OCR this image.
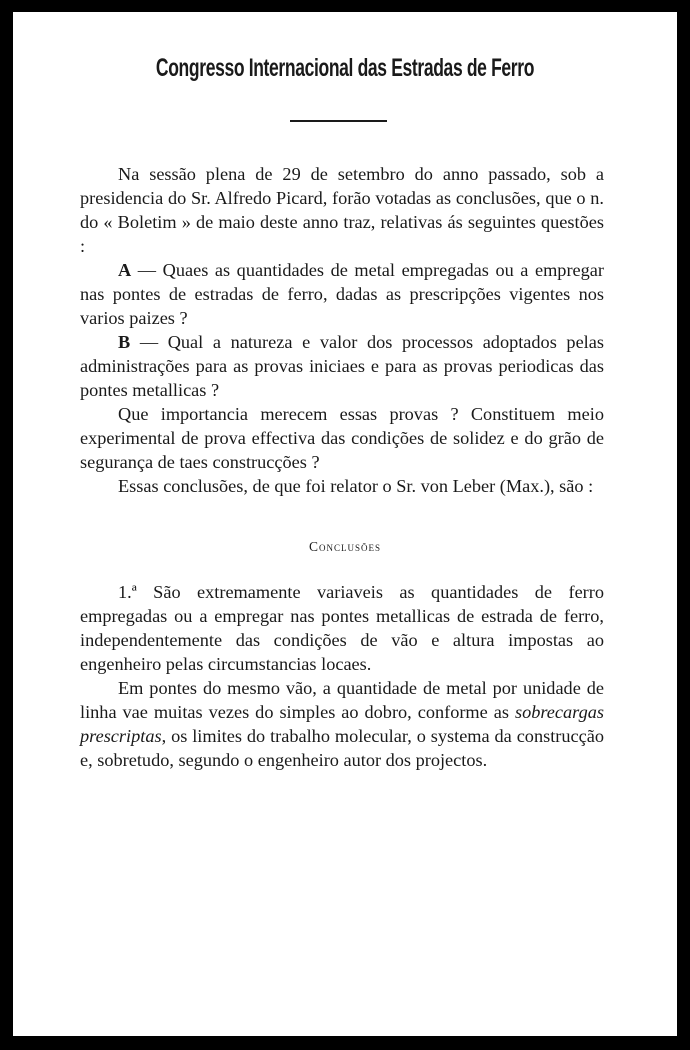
Congresso Internacional das Estradas de Ferro

Na sessão plena de 29 de setembro do anno passado, sob a presidencia do Sr. Alfredo Picard, forão votadas as conclusões, que o n. do « Boletim » de maio deste anno traz, relativas ás seguintes questões :

A — Quaes as quantidades de metal empregadas ou a empregar nas pontes de estradas de ferro, dadas as prescripções vigentes nos varios paizes ?

B — Qual a natureza e valor dos processos adoptados pelas administrações para as provas iniciaes e para as provas periodicas das pontes metallicas ?

Que importancia merecem essas provas ? Constituem meio experimental de prova effectiva das condições de solidez e do grão de segurança de taes construcções ?

Essas conclusões, de que foi relator o Sr. von Leber (Max.), são :

Conclusões

1.ª São extremamente variaveis as quantidades de ferro empregadas ou a empregar nas pontes metallicas de estrada de ferro, independentemente das condições de vão e altura impostas ao engenheiro pelas circumstancias locaes.

Em pontes do mesmo vão, a quantidade de metal por unidade de linha vae muitas vezes do simples ao dobro, conforme as sobrecargas prescriptas, os limites do trabalho molecular, o systema da construcção e, sobretudo, segundo o engenheiro autor dos projectos.
